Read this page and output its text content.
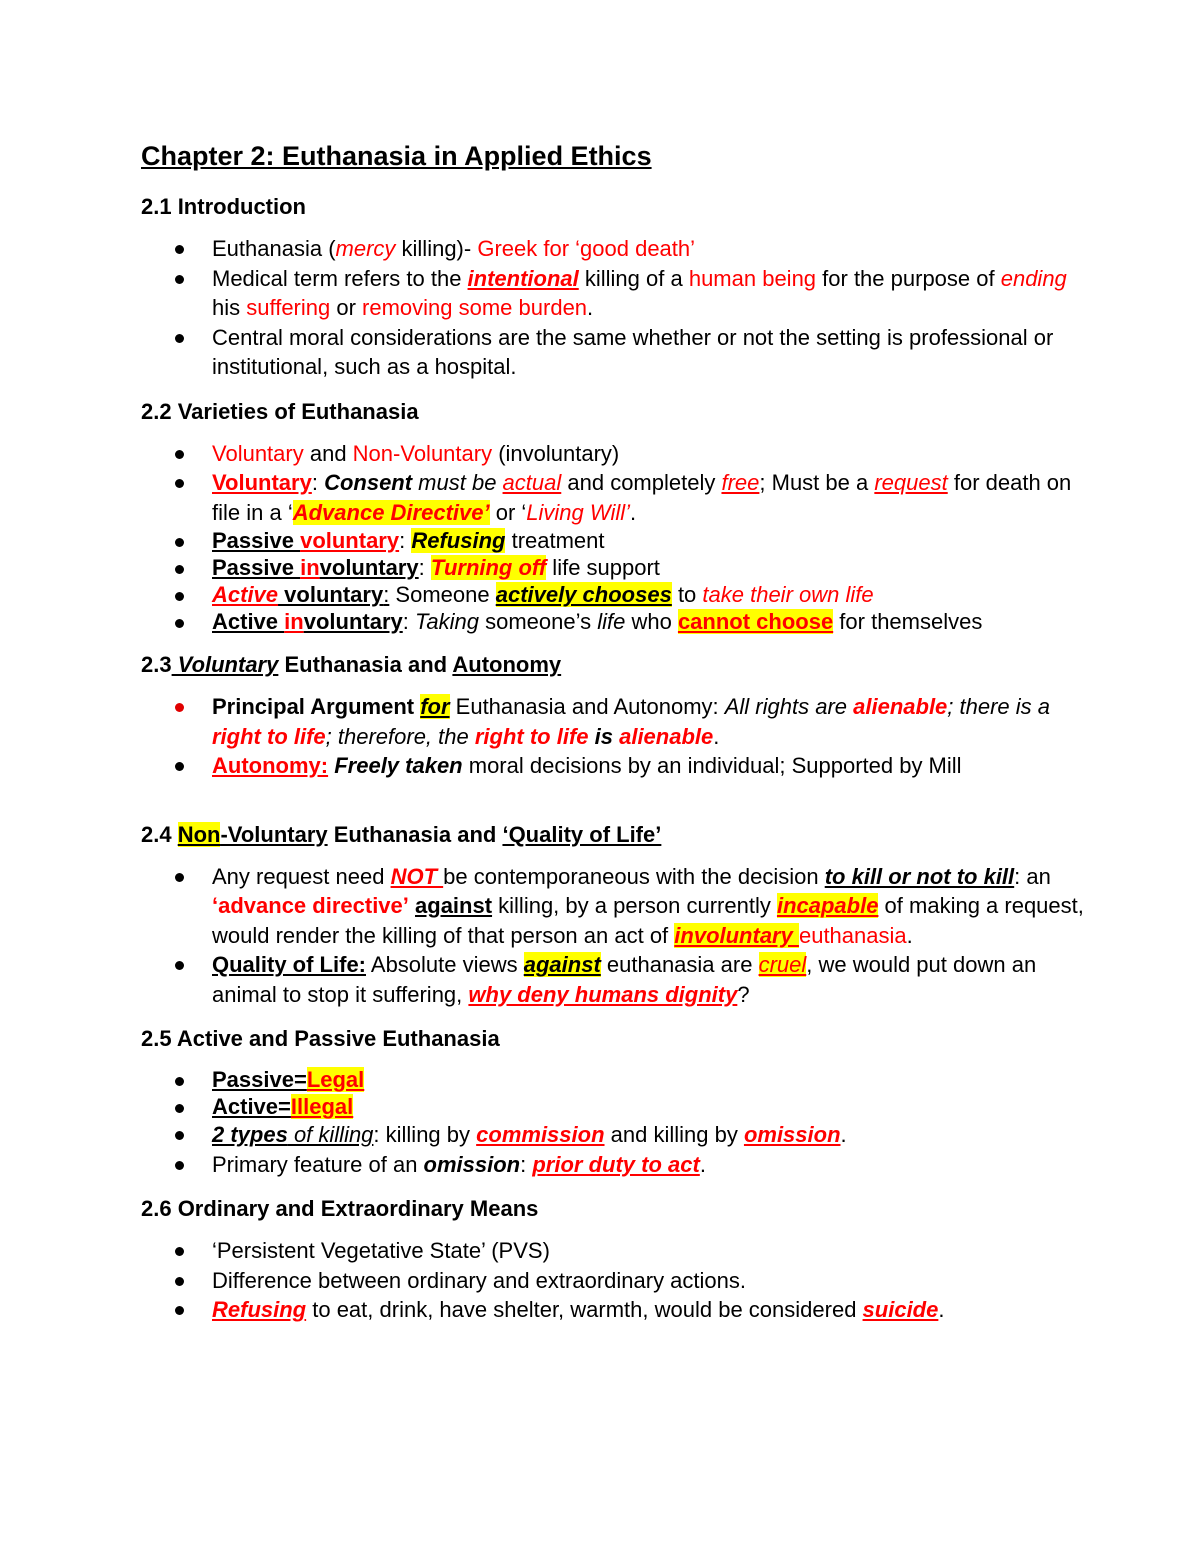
Chapter 2: Euthanasia in Applied Ethics
2.1 Introduction
Euthanasia (mercy killing)- Greek for ‘good death’
Medical term refers to the intentional killing of a human being for the purpose of ending his suffering or removing some burden.
Central moral considerations are the same whether or not the setting is professional or institutional, such as a hospital.
2.2 Varieties of Euthanasia
Voluntary and Non-Voluntary (involuntary)
Voluntary: Consent must be actual and completely free; Must be a request for death on file in a ‘Advance Directive’ or ‘Living Will’.
Passive voluntary: Refusing treatment
Passive involuntary: Turning off life support
Active voluntary: Someone actively chooses to take their own life
Active involuntary: Taking someone’s life who cannot choose for themselves
2.3 Voluntary Euthanasia and Autonomy
Principal Argument for Euthanasia and Autonomy: All rights are alienable; there is a right to life; therefore, the right to life is alienable.
Autonomy: Freely taken moral decisions by an individual; Supported by Mill
2.4 Non-Voluntary Euthanasia and ‘Quality of Life’
Any request need NOT be contemporaneous with the decision to kill or not to kill: an ‘advance directive’ against killing, by a person currently incapable of making a request, would render the killing of that person an act of involuntary euthanasia.
Quality of Life: Absolute views against euthanasia are cruel, we would put down an animal to stop it suffering, why deny humans dignity?
2.5 Active and Passive Euthanasia
Passive=Legal
Active=Illegal
2 types of killing: killing by commission and killing by omission.
Primary feature of an omission: prior duty to act.
2.6 Ordinary and Extraordinary Means
‘Persistent Vegetative State’ (PVS)
Difference between ordinary and extraordinary actions.
Refusing to eat, drink, have shelter, warmth, would be considered suicide.
